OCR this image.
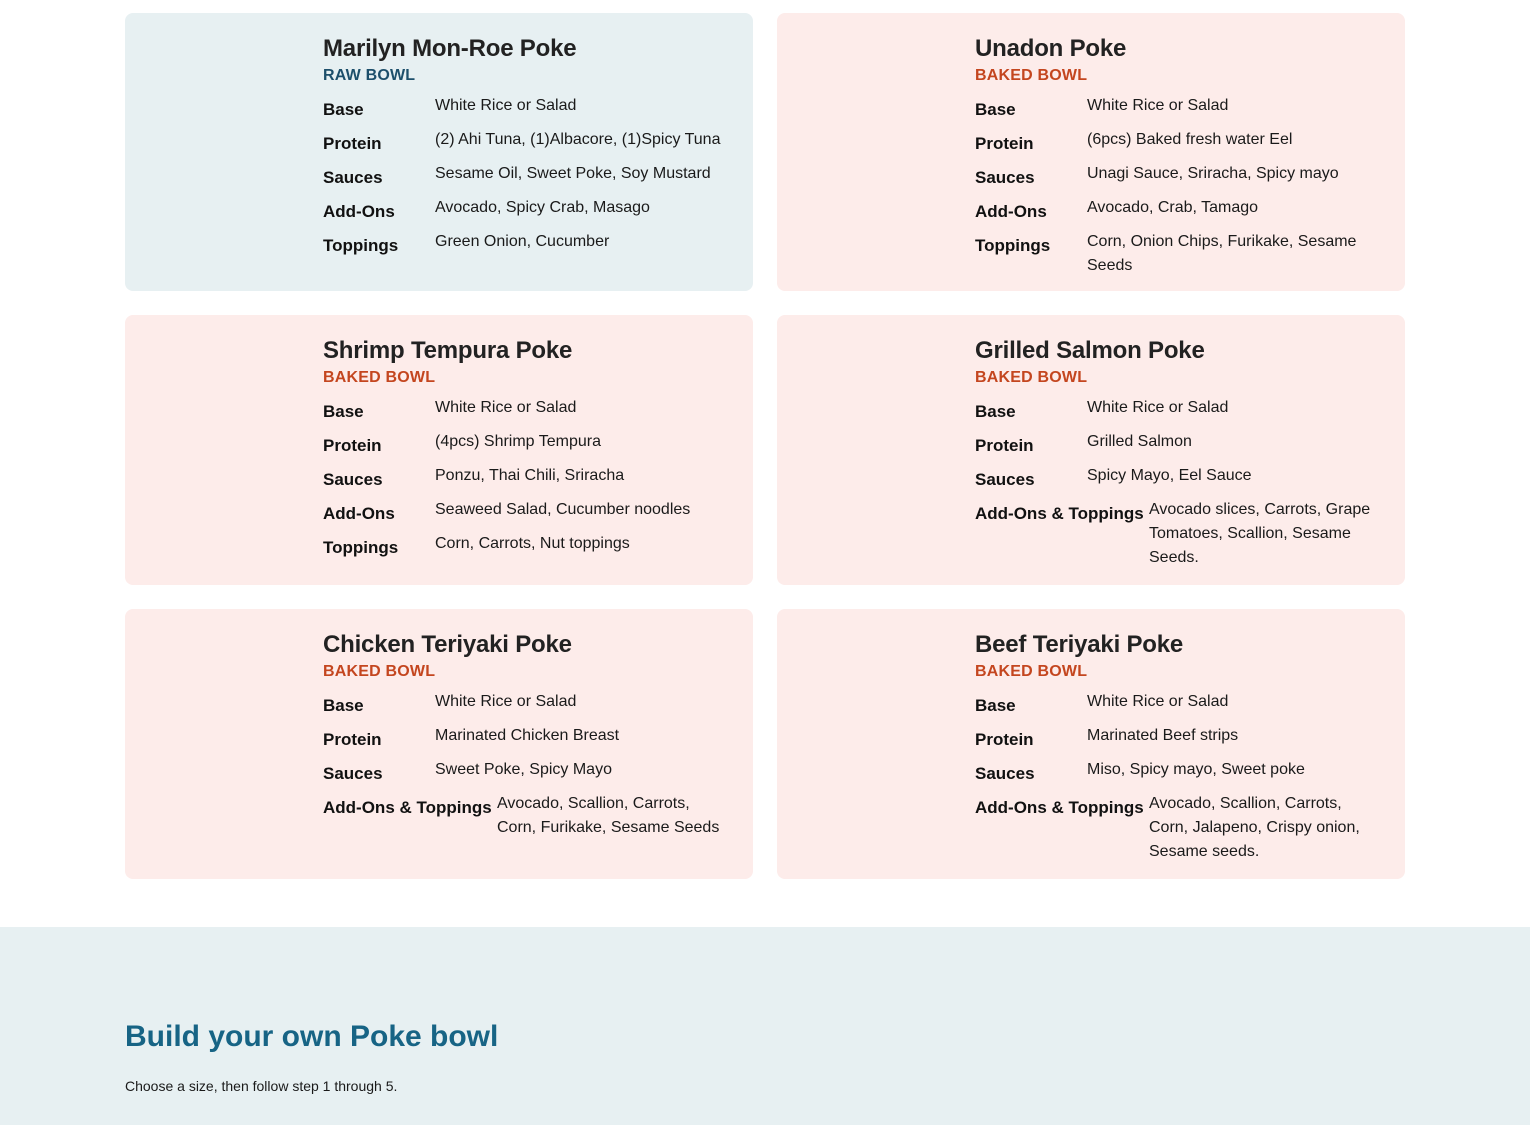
Marilyn Mon-Roe Poke
RAW BOWL
Base	White Rice or Salad
Protein	(2) Ahi Tuna, (1)Albacore, (1)Spicy Tuna
Sauces	Sesame Oil, Sweet Poke, Soy Mustard
Add-Ons	Avocado, Spicy Crab, Masago
Toppings	Green Onion, Cucumber
Unadon Poke
BAKED BOWL
Base	White Rice or Salad
Protein	(6pcs) Baked fresh water Eel
Sauces	Unagi Sauce, Sriracha, Spicy mayo
Add-Ons	Avocado, Crab, Tamago
Toppings	Corn, Onion Chips, Furikake, Sesame Seeds
Shrimp Tempura Poke
BAKED BOWL
Base	White Rice or Salad
Protein	(4pcs) Shrimp Tempura
Sauces	Ponzu, Thai Chili, Sriracha
Add-Ons	Seaweed Salad, Cucumber noodles
Toppings	Corn, Carrots, Nut toppings
Grilled Salmon Poke
BAKED BOWL
Base	White Rice or Salad
Protein	Grilled Salmon
Sauces	Spicy Mayo, Eel Sauce
Add-Ons & Toppings Avocado slices, Carrots, Grape Tomatoes, Scallion, Sesame Seeds.
Chicken Teriyaki Poke
BAKED BOWL
Base	White Rice or Salad
Protein	Marinated Chicken Breast
Sauces	Sweet Poke, Spicy Mayo
Add-Ons & Toppings Avocado, Scallion, Carrots, Corn, Furikake, Sesame Seeds
Beef Teriyaki Poke
BAKED BOWL
Base	White Rice or Salad
Protein	Marinated Beef strips
Sauces	Miso, Spicy mayo, Sweet poke
Add-Ons & Toppings Avocado, Scallion, Carrots, Corn, Jalapeno, Crispy onion, Sesame seeds.
Build your own Poke bowl

Choose a size, then follow step 1 through 5.
